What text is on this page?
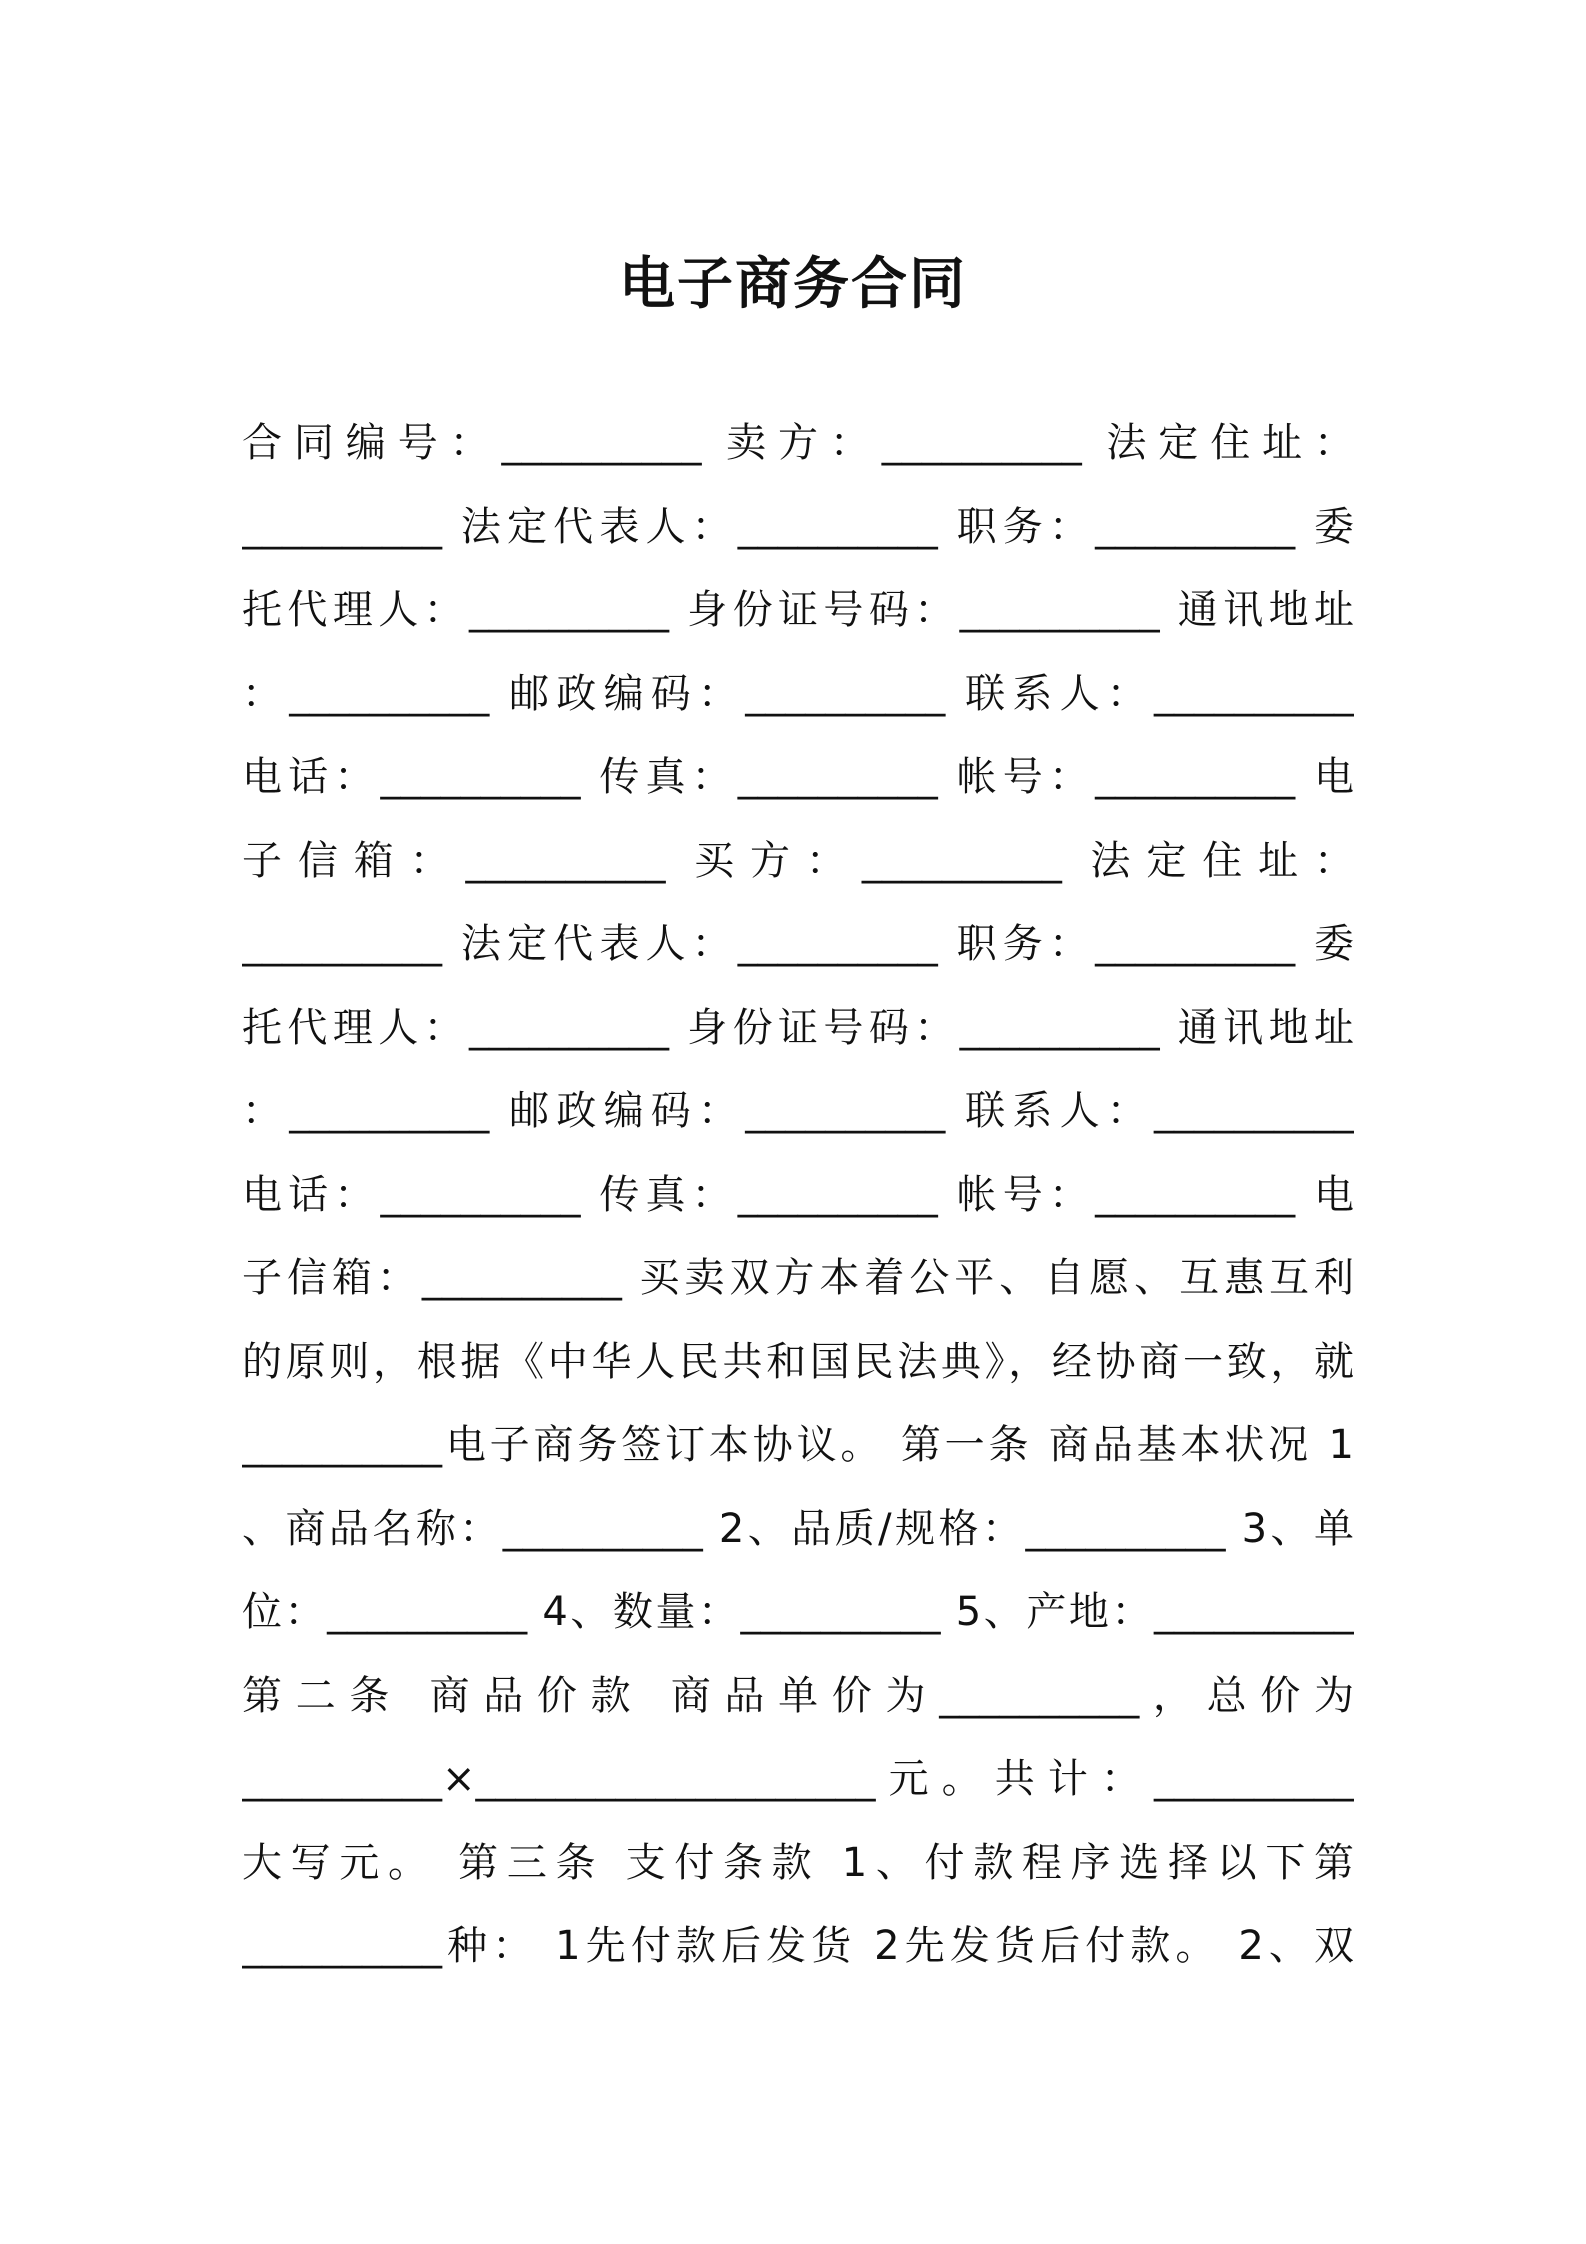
电子商务合同
合同编号：__________ 卖方：__________ 法定住址：
__________ 法定代表人：__________ 职务：__________ 委
托代理人：__________ 身份证号码：__________ 通讯地址
：__________ 邮政编码：__________ 联系人：__________
电话：__________ 传真：__________ 帐号：__________ 电
子信箱：__________ 买方：__________ 法定住址：
__________ 法定代表人：__________ 职务：__________ 委
托代理人：__________ 身份证号码：__________ 通讯地址
：__________ 邮政编码：__________ 联系人：__________
电话：__________ 传真：__________ 帐号：__________ 电
子信箱：__________ 买卖双方本着公平、自愿、互惠互利
的原则，根据《中华人民共和国民法典》，经协商一致，就
__________电子商务签订本协议。 第一条 商品基本状况 1
、商品名称：__________ 2、品质/规格：__________ 3、单
位：__________ 4、数量：__________ 5、产地：__________
第二条 商品价款 商品单价为__________，总价为
__________×____________________元。共计：__________
大写元。 第三条 支付条款 1、付款程序选择以下第
__________种： 1先付款后发货 2先发货后付款。 2、双
